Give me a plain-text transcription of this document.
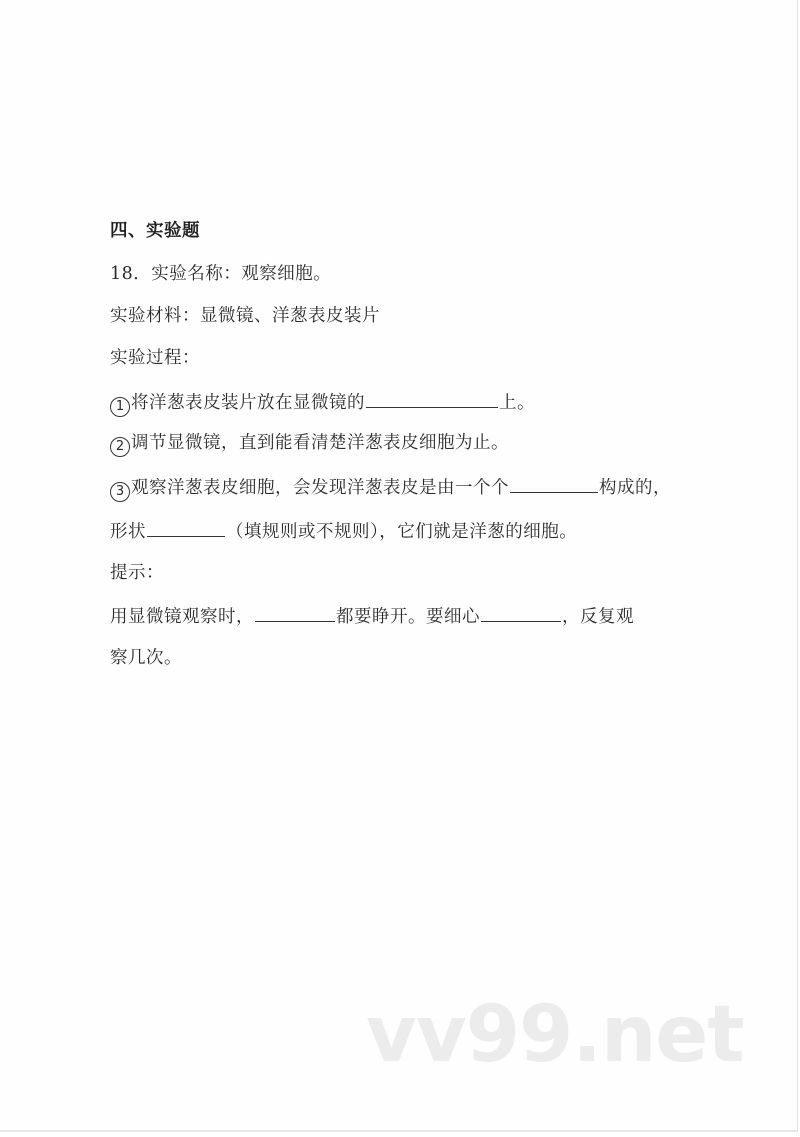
四、实验题
18．实验名称：观察细胞。
实验材料：显微镜、洋葱表皮装片
实验过程：
1 将洋葱表皮装片放在显微镜的	上。
2 调节显微镜，直到能看清楚洋葱表皮细胞为止。
3 观察洋葱表皮细胞，会发现洋葱表皮是由一个个	构成的，
形状	（填规则或不规则），它们就是洋葱的细胞。
提示：
用显微镜观察时，	都要睁开。要细心	，反复观
察几次。
vv99.net
